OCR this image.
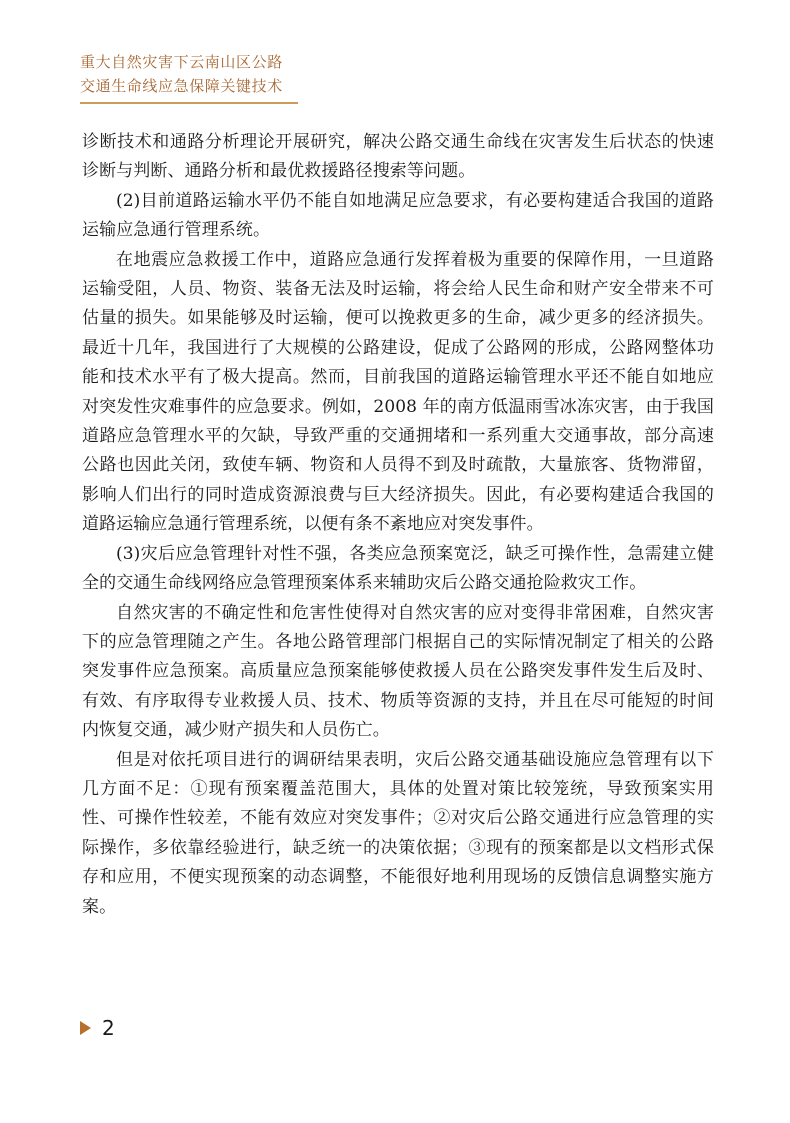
重大自然灾害下云南山区公路
交通生命线应急保障关键技术

诊断技术和通路分析理论开展研究，解决公路交通生命线在灾害发生后状态的快速诊断与判断、通路分析和最优救援路径搜索等问题。

(2)目前道路运输水平仍不能自如地满足应急要求，有必要构建适合我国的道路运输应急通行管理系统。

在地震应急救援工作中，道路应急通行发挥着极为重要的保障作用，一旦道路运输受阻，人员、物资、装备无法及时运输，将会给人民生命和财产安全带来不可估量的损失。如果能够及时运输，便可以挽救更多的生命，减少更多的经济损失。最近十几年，我国进行了大规模的公路建设，促成了公路网的形成，公路网整体功能和技术水平有了极大提高。然而，目前我国的道路运输管理水平还不能自如地应对突发性灾难事件的应急要求。例如，2008 年的南方低温雨雪冰冻灾害，由于我国道路应急管理水平的欠缺，导致严重的交通拥堵和一系列重大交通事故，部分高速公路也因此关闭，致使车辆、物资和人员得不到及时疏散，大量旅客、货物滞留，影响人们出行的同时造成资源浪费与巨大经济损失。因此，有必要构建适合我国的道路运输应急通行管理系统，以便有条不紊地应对突发事件。

(3)灾后应急管理针对性不强，各类应急预案宽泛，缺乏可操作性，急需建立健全的交通生命线网络应急管理预案体系来辅助灾后公路交通抢险救灾工作。

自然灾害的不确定性和危害性使得对自然灾害的应对变得非常困难，自然灾害下的应急管理随之产生。各地公路管理部门根据自己的实际情况制定了相关的公路突发事件应急预案。高质量应急预案能够使救援人员在公路突发事件发生后及时、有效、有序取得专业救援人员、技术、物质等资源的支持，并且在尽可能短的时间内恢复交通，减少财产损失和人员伤亡。

但是对依托项目进行的调研结果表明，灾后公路交通基础设施应急管理有以下几方面不足：①现有预案覆盖范围大，具体的处置对策比较笼统，导致预案实用性、可操作性较差，不能有效应对突发事件；②对灾后公路交通进行应急管理的实际操作，多依靠经验进行，缺乏统一的决策依据；③现有的预案都是以文档形式保存和应用，不便实现预案的动态调整，不能很好地利用现场的反馈信息调整实施方案。

2
